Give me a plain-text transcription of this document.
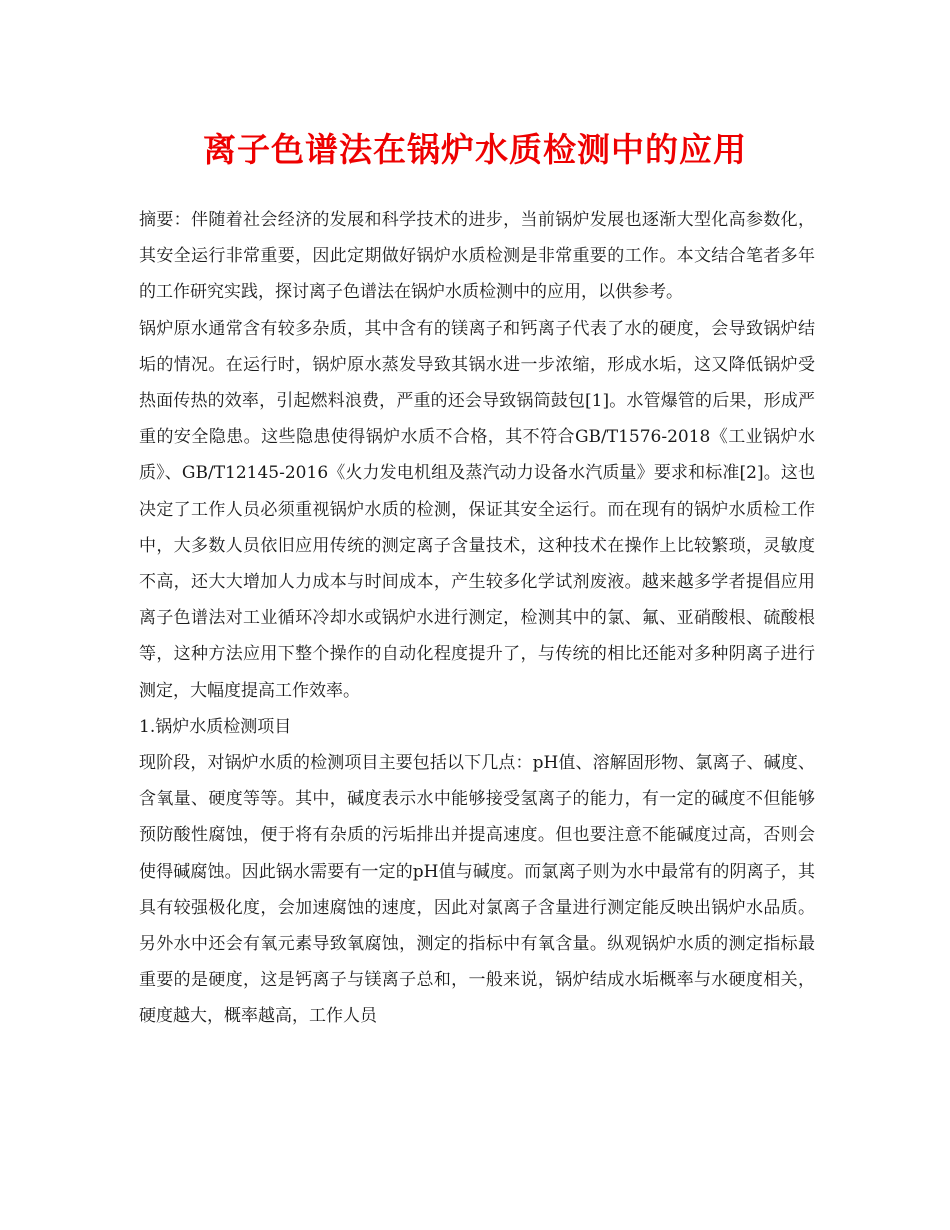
离子色谱法在锅炉水质检测中的应用

摘要：伴随着社会经济的发展和科学技术的进步，当前锅炉发展也逐渐大型化高参数化，其安全运行非常重要，因此定期做好锅炉水质检测是非常重要的工作。本文结合笔者多年的工作研究实践，探讨离子色谱法在锅炉水质检测中的应用，以供参考。

锅炉原水通常含有较多杂质，其中含有的镁离子和钙离子代表了水的硬度，会导致锅炉结垢的情况。在运行时，锅炉原水蒸发导致其锅水进一步浓缩，形成水垢，这又降低锅炉受热面传热的效率，引起燃料浪费，严重的还会导致锅筒鼓包[1]。水管爆管的后果，形成严重的安全隐患。这些隐患使得锅炉水质不合格，其不符合GB/T1576-2018《工业锅炉水质》、GB/T12145-2016《火力发电机组及蒸汽动力设备水汽质量》要求和标准[2]。这也决定了工作人员必须重视锅炉水质的检测，保证其安全运行。而在现有的锅炉水质检工作中，大多数人员依旧应用传统的测定离子含量技术，这种技术在操作上比较繁琐，灵敏度不高，还大大增加人力成本与时间成本，产生较多化学试剂废液。越来越多学者提倡应用离子色谱法对工业循环冷却水或锅炉水进行测定，检测其中的氯、氟、亚硝酸根、硫酸根等，这种方法应用下整个操作的自动化程度提升了，与传统的相比还能对多种阴离子进行测定，大幅度提高工作效率。

1.锅炉水质检测项目

现阶段，对锅炉水质的检测项目主要包括以下几点：pH值、溶解固形物、氯离子、碱度、含氧量、硬度等等。其中，碱度表示水中能够接受氢离子的能力，有一定的碱度不但能够预防酸性腐蚀，便于将有杂质的污垢排出并提高速度。但也要注意不能碱度过高，否则会使得碱腐蚀。因此锅水需要有一定的pH值与碱度。而氯离子则为水中最常有的阴离子，其具有较强极化度，会加速腐蚀的速度，因此对氯离子含量进行测定能反映出锅炉水品质。另外水中还会有氧元素导致氧腐蚀，测定的指标中有氧含量。纵观锅炉水质的测定指标最重要的是硬度，这是钙离子与镁离子总和，一般来说，锅炉结成水垢概率与水硬度相关，硬度越大，概率越高，工作人员
